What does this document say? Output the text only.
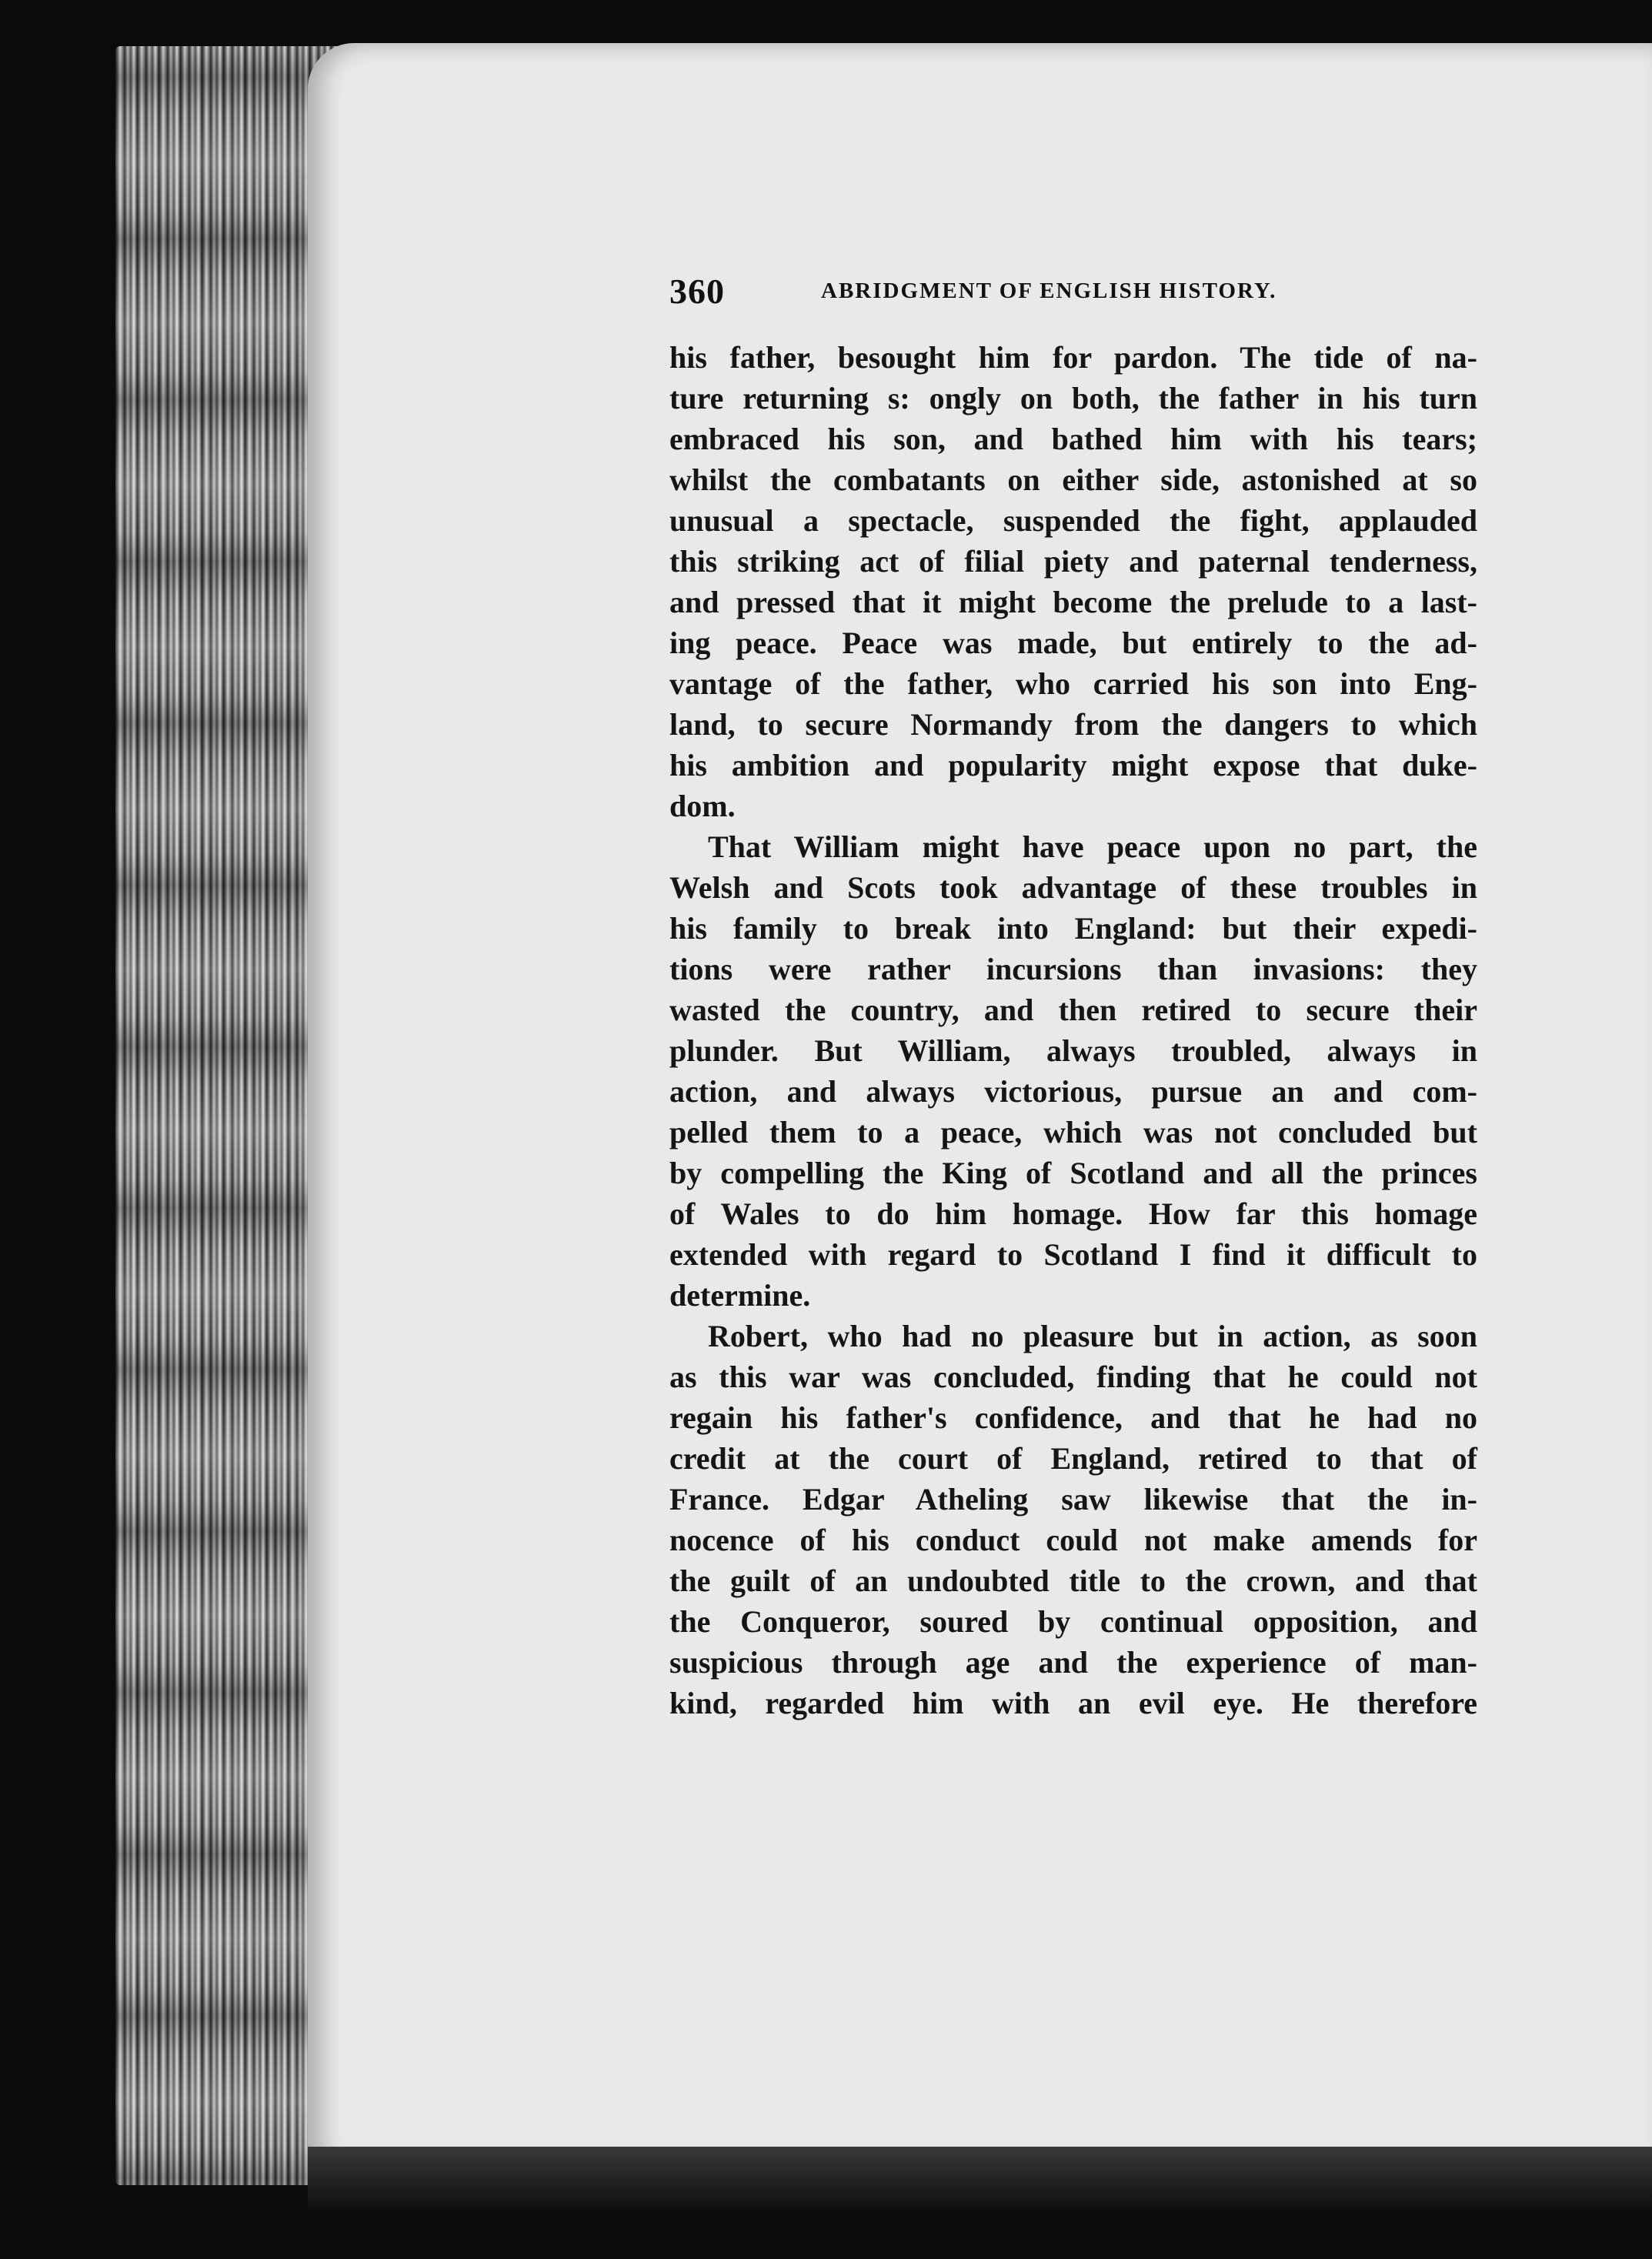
360	ABRIDGMENT OF ENGLISH HISTORY.

his father, besought him for pardon. The tide of na-
ture returning s: ongly on both, the father in his turn
embraced his son, and bathed him with his tears;
whilst the combatants on either side, astonished at so
unusual a spectacle, suspended the fight, applauded
this striking act of filial piety and paternal tenderness,
and pressed that it might become the prelude to a last-
ing peace. Peace was made, but entirely to the ad-
vantage of the father, who carried his son into Eng-
land, to secure Normandy from the dangers to which
his ambition and popularity might expose that duke-
dom.

That William might have peace upon no part, the
Welsh and Scots took advantage of these troubles in
his family to break into England: but their expedi-
tions were rather incursions than invasions: they
wasted the country, and then retired to secure their
plunder. But William, always troubled, always in
action, and always victorious, pursue an and com-
pelled them to a peace, which was not concluded but
by compelling the King of Scotland and all the princes
of Wales to do him homage. How far this homage
extended with regard to Scotland I find it difficult to
determine.

Robert, who had no pleasure but in action, as soon
as this war was concluded, finding that he could not
regain his father's confidence, and that he had no
credit at the court of England, retired to that of
France. Edgar Atheling saw likewise that the in-
nocence of his conduct could not make amends for
the guilt of an undoubted title to the crown, and that
the Conqueror, soured by continual opposition, and
suspicious through age and the experience of man-
kind, regarded him with an evil eye. He therefore
